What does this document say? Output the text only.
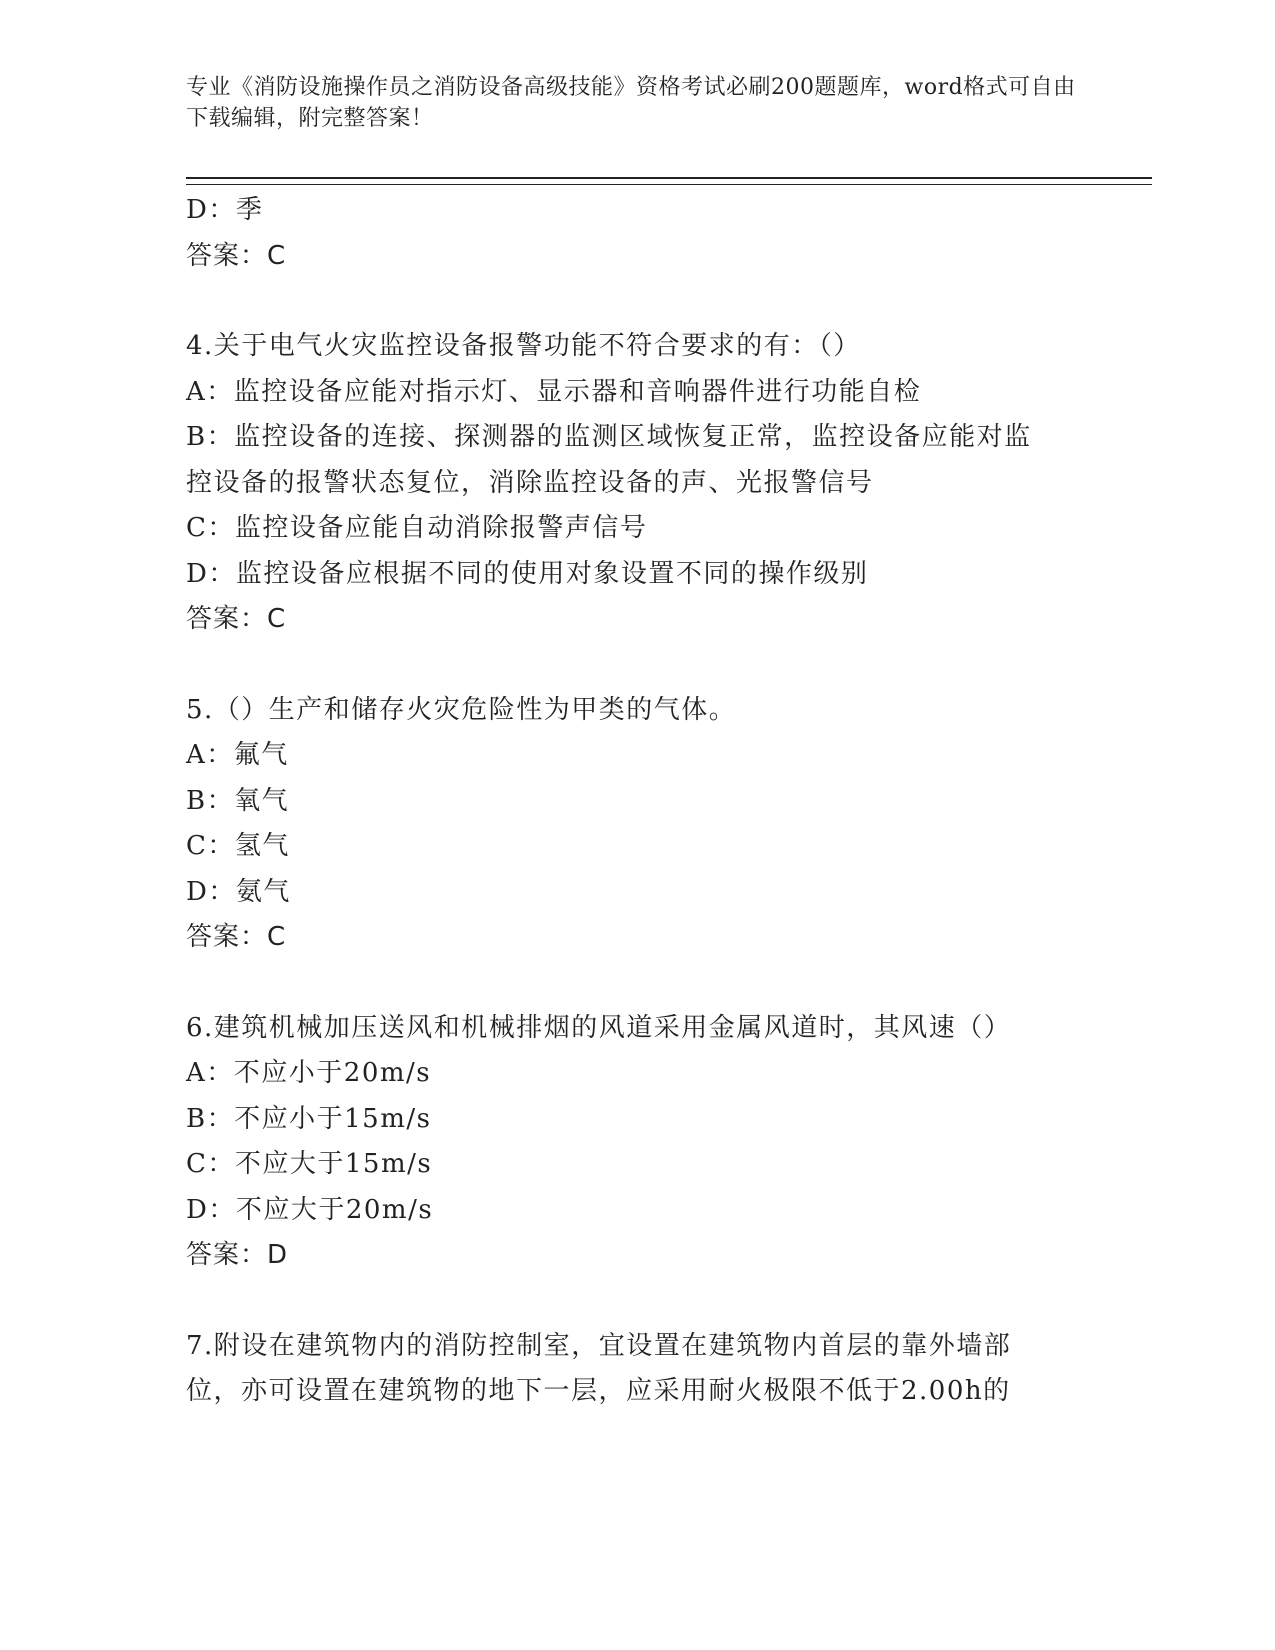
专业《消防设施操作员之消防设备高级技能》资格考试必刷200题题库，word格式可自由下载编辑，附完整答案！
D：季
答案：C
4.关于电气火灾监控设备报警功能不符合要求的有：（）
A：监控设备应能对指示灯、显示器和音响器件进行功能自检
B：监控设备的连接、探测器的监测区域恢复正常，监控设备应能对监控设备的报警状态复位，消除监控设备的声、光报警信号
C：监控设备应能自动消除报警声信号
D：监控设备应根据不同的使用对象设置不同的操作级别
答案：C
5.（）生产和储存火灾危险性为甲类的气体。
A：氟气
B：氧气
C：氢气
D：氨气
答案：C
6.建筑机械加压送风和机械排烟的风道采用金属风道时，其风速（）
A：不应小于20m/s
B：不应小于15m/s
C：不应大于15m/s
D：不应大于20m/s
答案：D
7.附设在建筑物内的消防控制室，宜设置在建筑物内首层的靠外墙部位，亦可设置在建筑物的地下一层，应采用耐火极限不低于2.00h的
